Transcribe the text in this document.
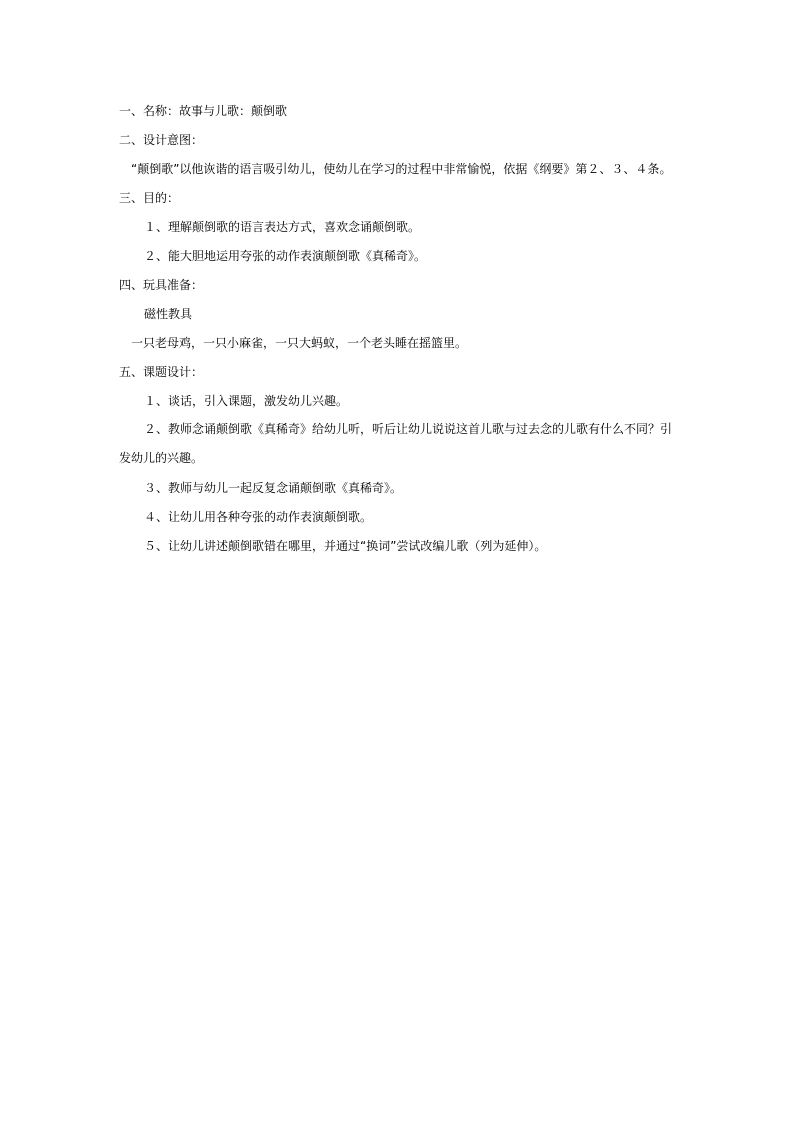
一、名称：故事与儿歌：颠倒歌
二、设计意图：
“颠倒歌”以他诙谐的语言吸引幼儿，使幼儿在学习的过程中非常愉悦，依据《纲要》第２、３、４条。
三、目的：
１、理解颠倒歌的语言表达方式，喜欢念诵颠倒歌。
２、能大胆地运用夸张的动作表演颠倒歌《真稀奇》。
四、玩具准备：
磁性教具
一只老母鸡，一只小麻雀，一只大蚂蚁，一个老头睡在摇篮里。
五、课题设计：
１、谈话，引入课题，激发幼儿兴趣。
２、教师念诵颠倒歌《真稀奇》给幼儿听，听后让幼儿说说这首儿歌与过去念的儿歌有什么不同？引发幼儿的兴趣。
３、教师与幼儿一起反复念诵颠倒歌《真稀奇》。
４、让幼儿用各种夸张的动作表演颠倒歌。
５、让幼儿讲述颠倒歌错在哪里，并通过“换词”尝试改编儿歌（列为延伸）。
